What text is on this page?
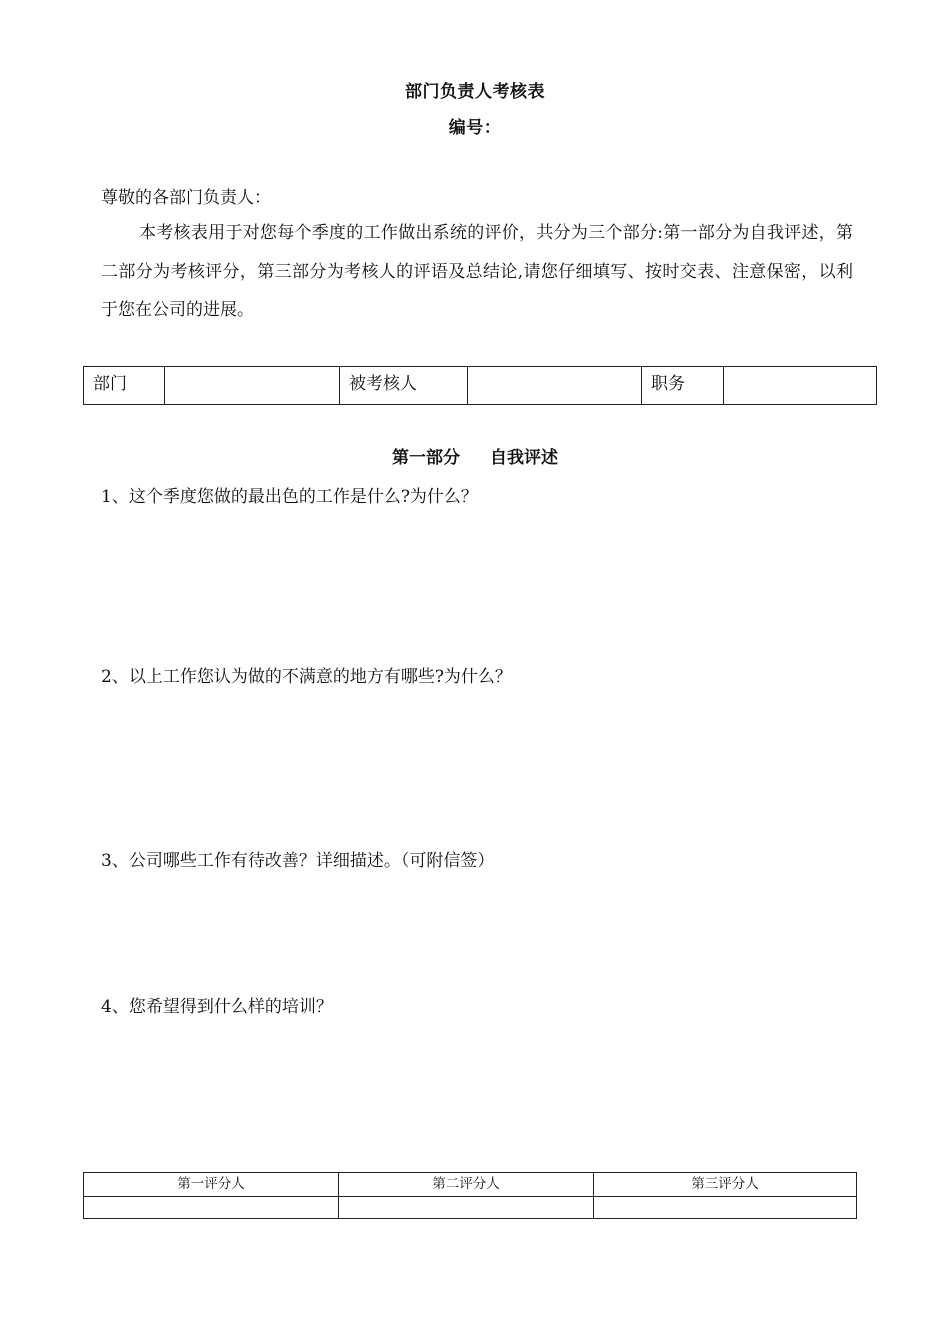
部门负责人考核表
编号：
尊敬的各部门负责人：
本考核表用于对您每个季度的工作做出系统的评价，共分为三个部分:第一部分为自我评述，第二部分为考核评分，第三部分为考核人的评语及总结论,请您仔细填写、按时交表、注意保密，以利于您在公司的进展。
部门		被考核人		职务	
第一部分 自我评述
1、这个季度您做的最出色的工作是什么?为什么？
2、以上工作您认为做的不满意的地方有哪些?为什么？
3、公司哪些工作有待改善？详细描述。（可附信签）
4、您希望得到什么样的培训？
第一评分人	第二评分人	第三评分人
